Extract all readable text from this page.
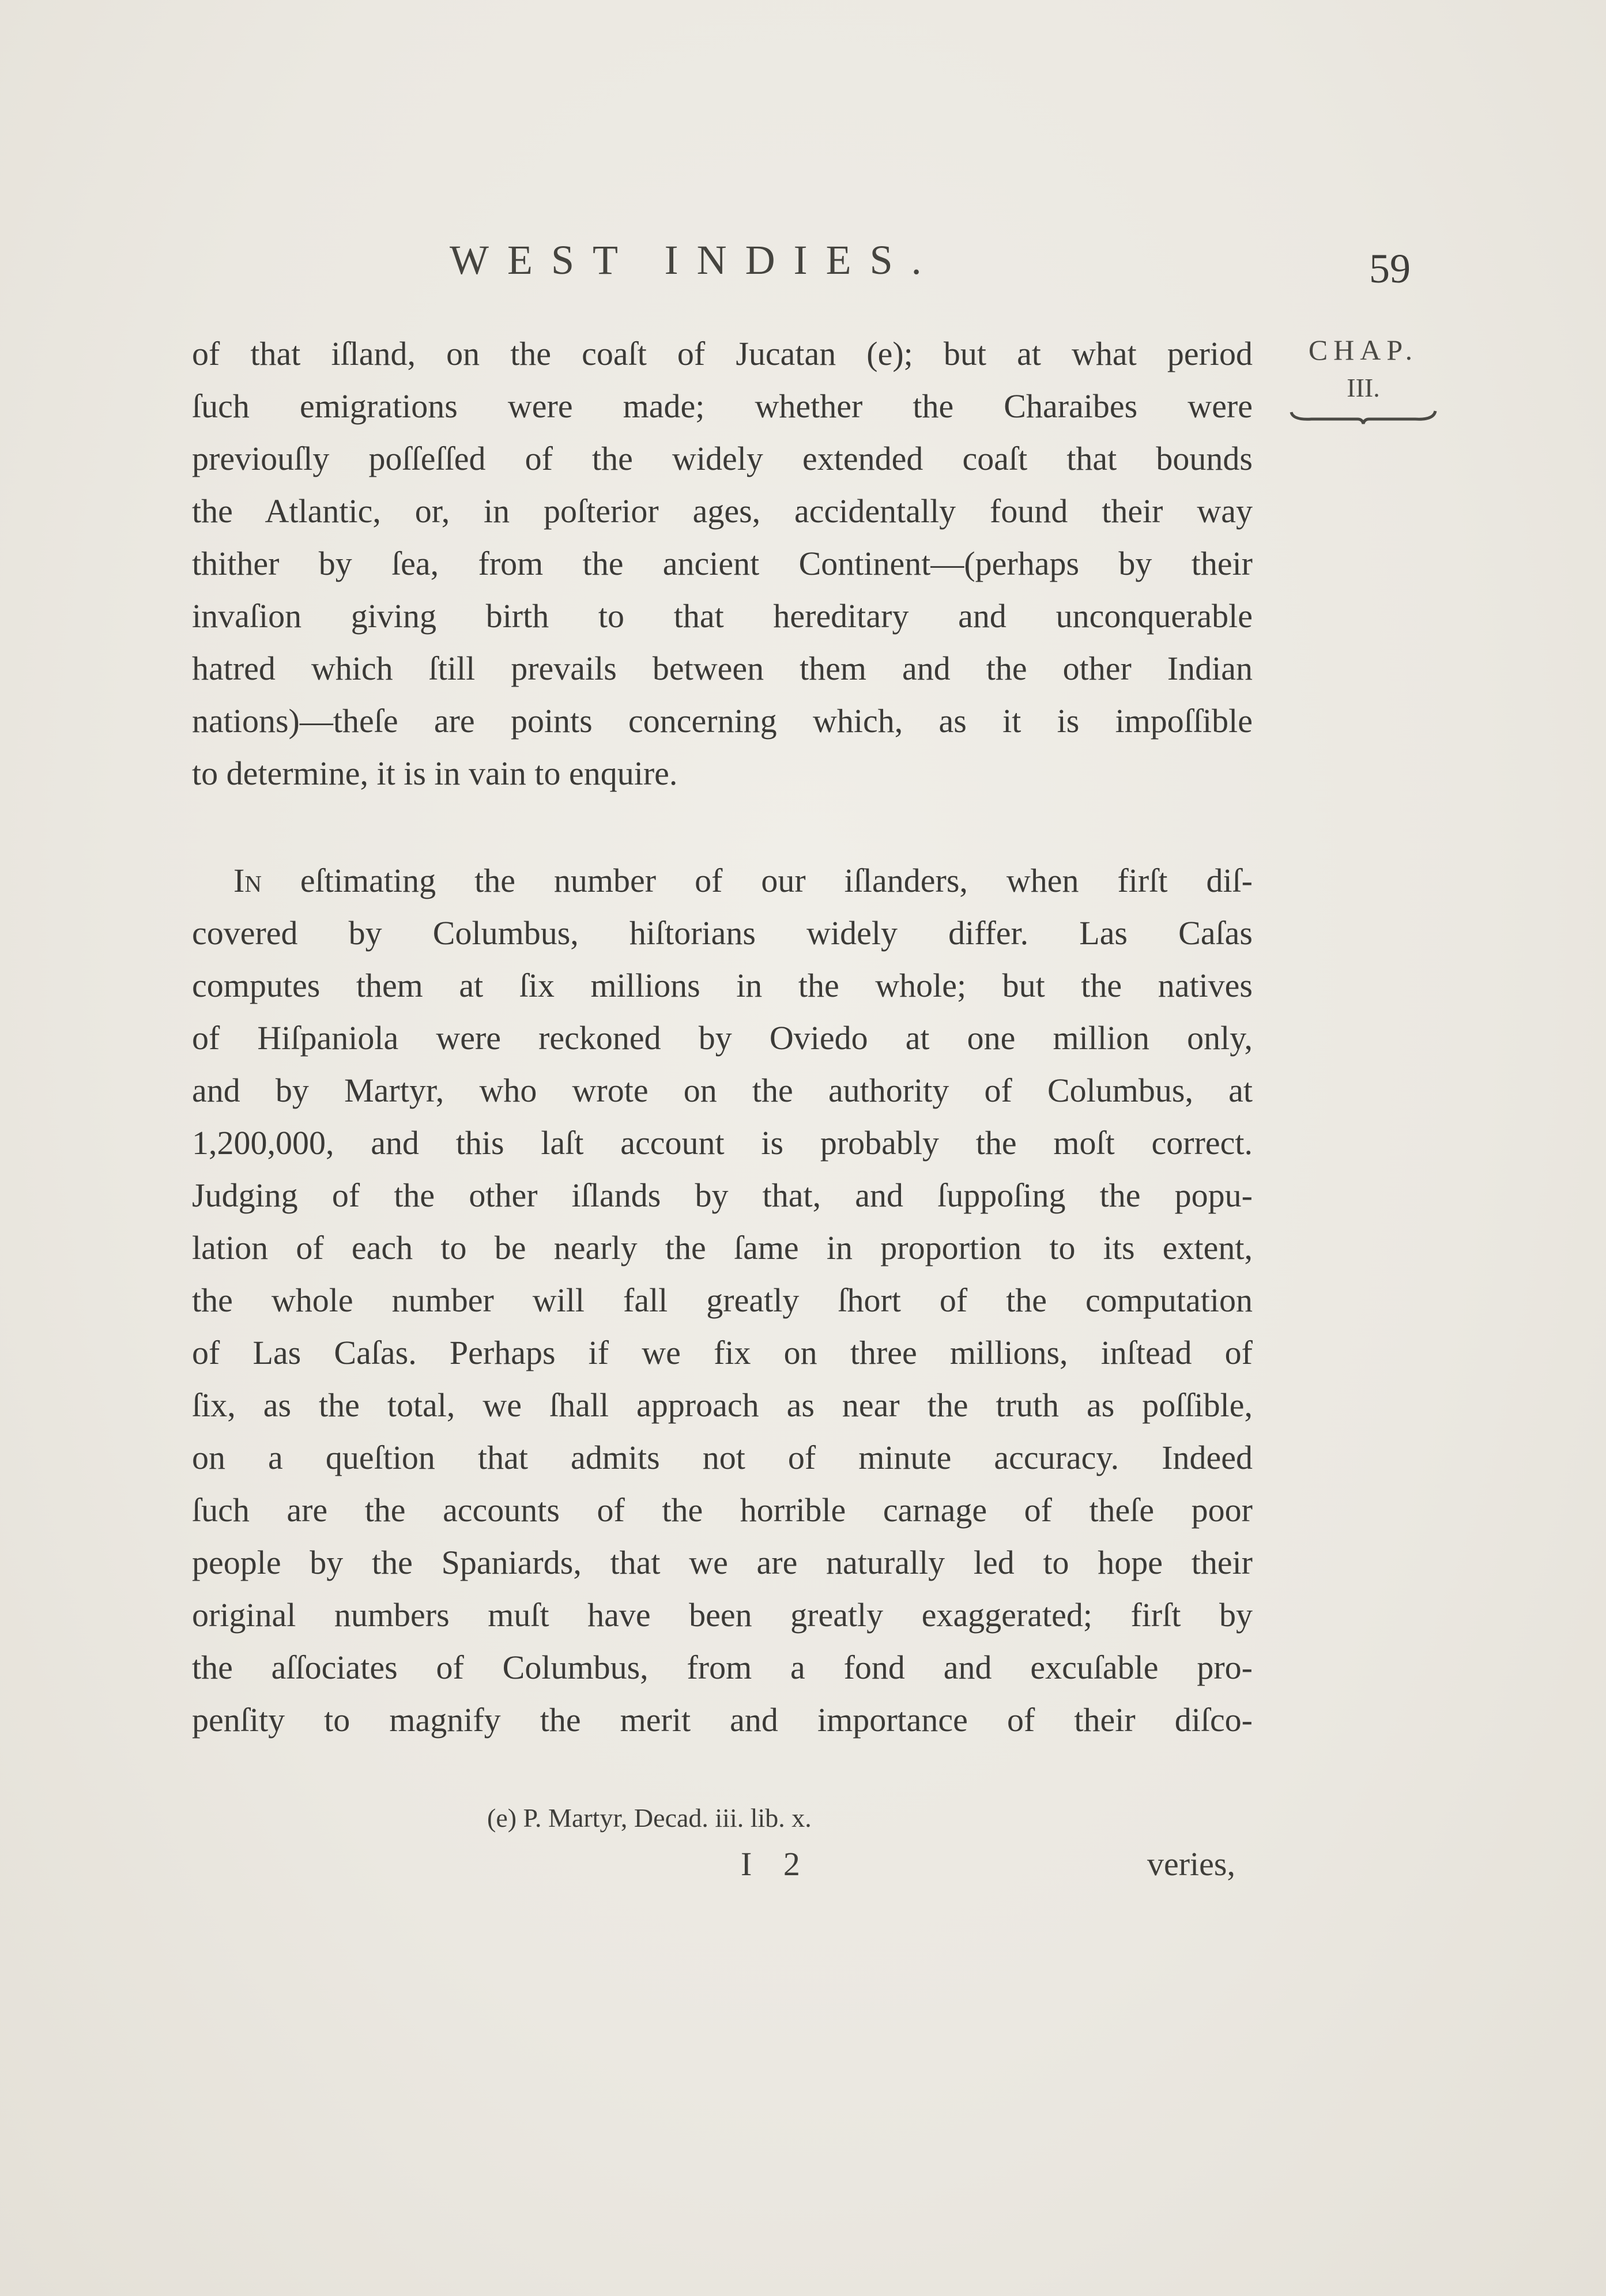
WEST INDIES.	59
CHAP.
III.
of that iſland, on the coaſt of Jucatan (e); but at what period
ſuch emigrations were made; whether the Charaibes were
previouſly poſſeſſed of the widely extended coaſt that bounds
the Atlantic, or, in poſterior ages, accidentally found their way
thither by ſea, from the ancient Continent—(perhaps by their
invaſion giving birth to that hereditary and unconquerable
hatred which ſtill prevails between them and the other Indian
nations)—theſe are points concerning which, as it is impoſſible
to determine, it is in vain to enquire.
In eſtimating the number of our iſlanders, when firſt diſ-
covered by Columbus, hiſtorians widely differ. Las Caſas
computes them at ſix millions in the whole; but the natives
of Hiſpaniola were reckoned by Oviedo at one million only,
and by Martyr, who wrote on the authority of Columbus, at
1,200,000, and this laſt account is probably the moſt correct.
Judging of the other iſlands by that, and ſuppoſing the popu-
lation of each to be nearly the ſame in proportion to its extent,
the whole number will fall greatly ſhort of the computation
of Las Caſas. Perhaps if we fix on three millions, inſtead of
ſix, as the total, we ſhall approach as near the truth as poſſible,
on a queſtion that admits not of minute accuracy. Indeed
ſuch are the accounts of the horrible carnage of theſe poor
people by the Spaniards, that we are naturally led to hope their
original numbers muſt have been greatly exaggerated; firſt by
the aſſociates of Columbus, from a fond and excuſable pro-
penſity to magnify the merit and importance of their diſco-
(e) P. Martyr, Decad. iii. lib. x.
I 2	veries,
